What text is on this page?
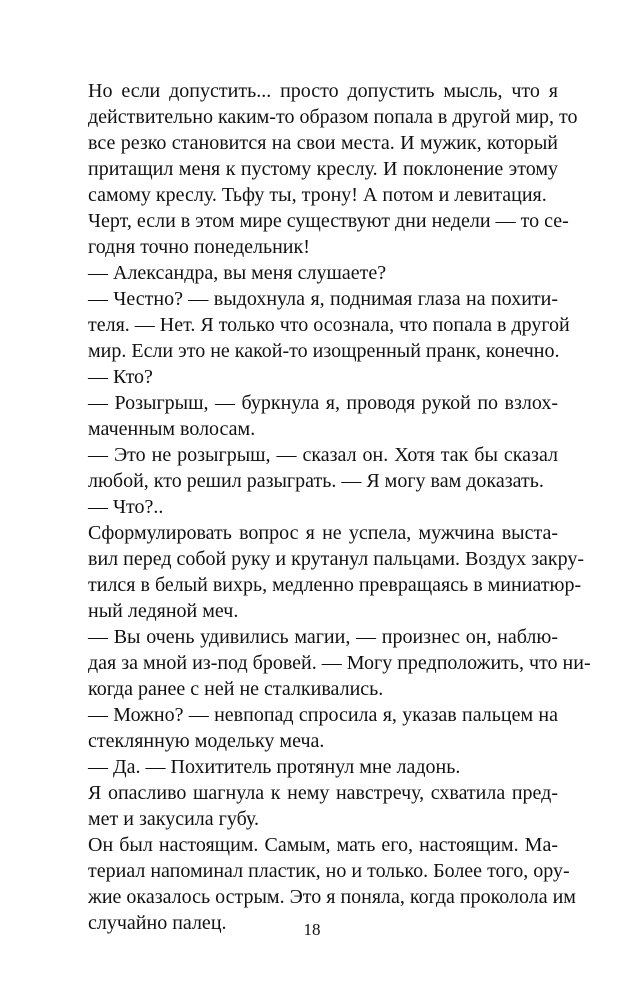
Но если допустить... просто допустить мысль, что я
действительно каким-то образом попала в другой мир, то
все резко становится на свои места. И мужик, который
притащил меня к пустому креслу. И поклонение этому
самому креслу. Тьфу ты, трону! А потом и левитация.
Черт, если в этом мире существуют дни недели — то се-
годня точно понедельник!
— Александра, вы меня слушаете?
— Честно? — выдохнула я, поднимая глаза на похити-
теля. — Нет. Я только что осознала, что попала в другой
мир. Если это не какой-то изощренный пранк, конечно.
— Кто?
— Розыгрыш, — буркнула я, проводя рукой по взлох-
маченным волосам.
— Это не розыгрыш, — сказал он. Хотя так бы сказал
любой, кто решил разыграть. — Я могу вам доказать.
— Что?..
Сформулировать вопрос я не успела, мужчина выста-
вил перед собой руку и крутанул пальцами. Воздух закру-
тился в белый вихрь, медленно превращаясь в миниатюр-
ный ледяной меч.
— Вы очень удивились магии, — произнес он, наблю-
дая за мной из-под бровей. — Могу предположить, что ни-
когда ранее с ней не сталкивались.
— Можно? — невпопад спросила я, указав пальцем на
стеклянную модельку меча.
— Да. — Похититель протянул мне ладонь.
Я опасливо шагнула к нему навстречу, схватила пред-
мет и закусила губу.
Он был настоящим. Самым, мать его, настоящим. Ма-
териал напоминал пластик, но и только. Более того, ору-
жие оказалось острым. Это я поняла, когда проколола им
случайно палец.	18
